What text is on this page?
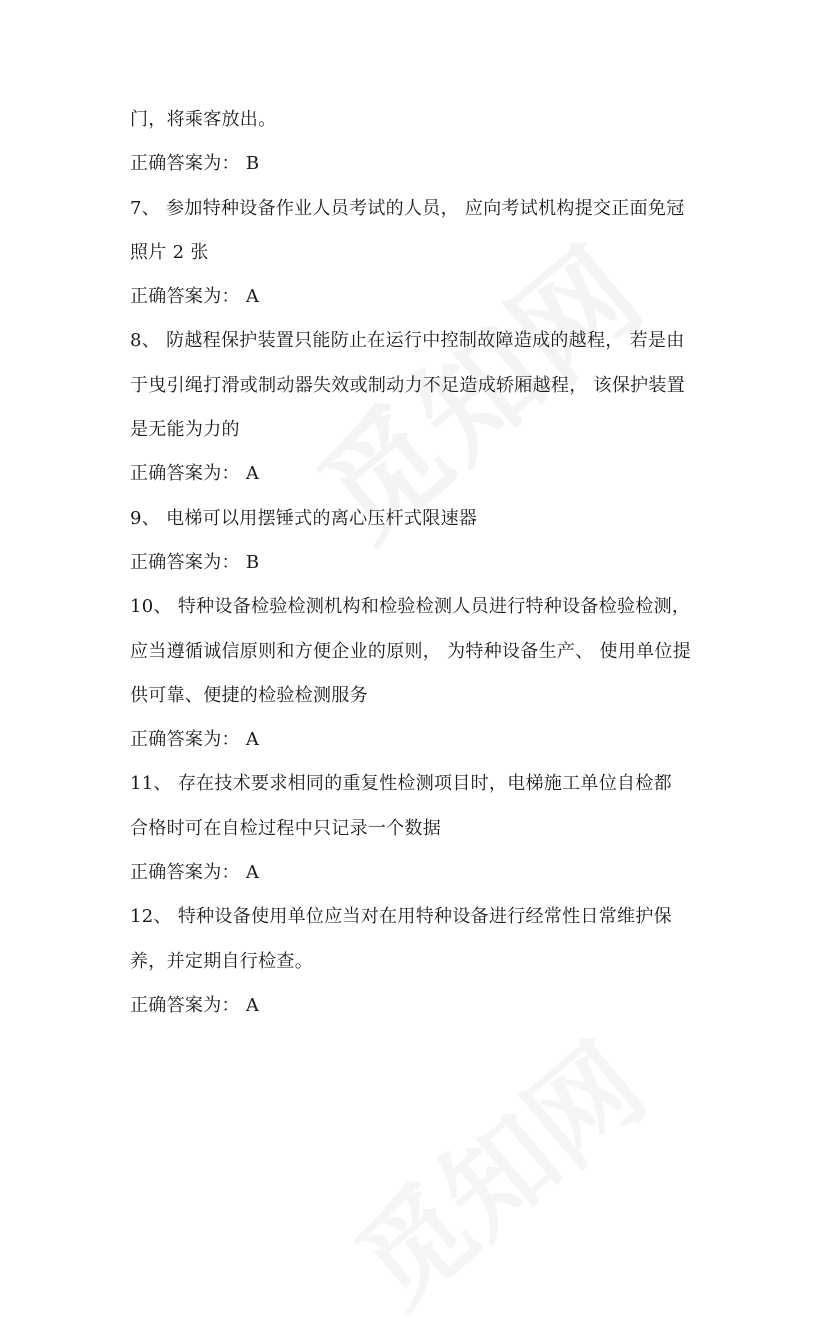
门，将乘客放出。
正确答案为： B
7、 参加特种设备作业人员考试的人员， 应向考试机构提交正面免冠
照片 2 张
正确答案为： A
8、 防越程保护装置只能防止在运行中控制故障造成的越程， 若是由
于曳引绳打滑或制动器失效或制动力不足造成轿厢越程， 该保护装置
是无能为力的
正确答案为： A
9、 电梯可以用摆锤式的离心压杆式限速器
正确答案为： B
10、 特种设备检验检测机构和检验检测人员进行特种设备检验检测，
应当遵循诚信原则和方便企业的原则， 为特种设备生产、 使用单位提
供可靠、便捷的检验检测服务
正确答案为： A
11、 存在技术要求相同的重复性检测项目时，电梯施工单位自检都
合格时可在自检过程中只记录一个数据
正确答案为： A
12、 特种设备使用单位应当对在用特种设备进行经常性日常维护保
养，并定期自行检查。
正确答案为： A
